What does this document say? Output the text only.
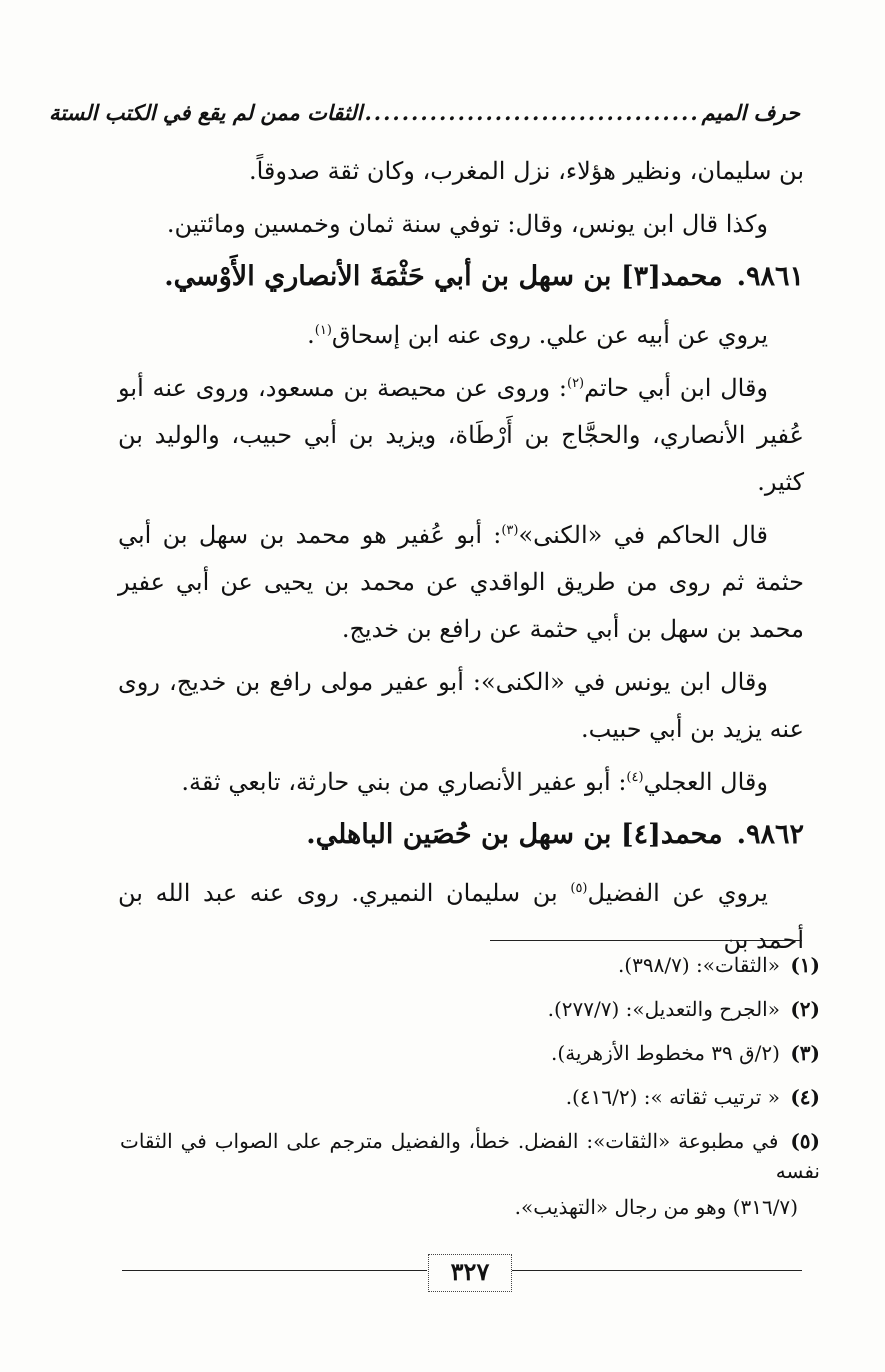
حرف الميم
....................................
الثقات ممن لم يقع في الكتب الستة

بن سليمان، ونظير هؤلاء، نزل المغرب، وكان ثقة صدوقاً.

وكذا قال ابن يونس، وقال: توفي سنة ثمان وخمسين ومائتين.

٩٨٦١.محمد[٣] بن سهل بن أبي حَثْمَةَ الأنصاري الأَوْسي.

يروي عن أبيه عن علي. روى عنه ابن إسحاق$^{(١)}$.

وقال ابن أبي حاتم$^{(٢)}$: وروى عن محيصة بن مسعود، وروى عنه أبو عُفير الأنصاري، والحجَّاج بن أَرْطَاة، ويزيد بن أبي حبيب، والوليد بن كثير.

قال الحاكم في «الكنى»$^{(٣)}$: أبو عُفير هو محمد بن سهل بن أبي حثمة ثم روى من طريق الواقدي عن محمد بن يحيى عن أبي عفير محمد بن سهل بن أبي حثمة عن رافع بن خديج.

وقال ابن يونس في «الكنى»: أبو عفير مولى رافع بن خديج، روى عنه يزيد بن أبي حبيب.

وقال العجلي$^{(٤)}$: أبو عفير الأنصاري من بني حارثة، تابعي ثقة.

٩٨٦٢.محمد[٤] بن سهل بن حُصَين الباهلي.

يروي عن الفضيل$^{(٥)}$ بن سليمان النميري. روى عنه عبد الله بن أحمد بن

(١) «الثقات»: (٣٩٨/٧).
(٢) «الجرح والتعديل»: (٢٧٧/٧).
(٣) (٢/ق ٣٩ مخطوط الأزهرية).
(٤) « ترتيب ثقاته »: (٤١٦/٢).
(٥) في مطبوعة «الثقات»: الفضل. خطأ، والفضيل مترجم على الصواب في الثقات نفسه
(٣١٦/٧) وهو من رجال «التهذيب».
٣٢٧
